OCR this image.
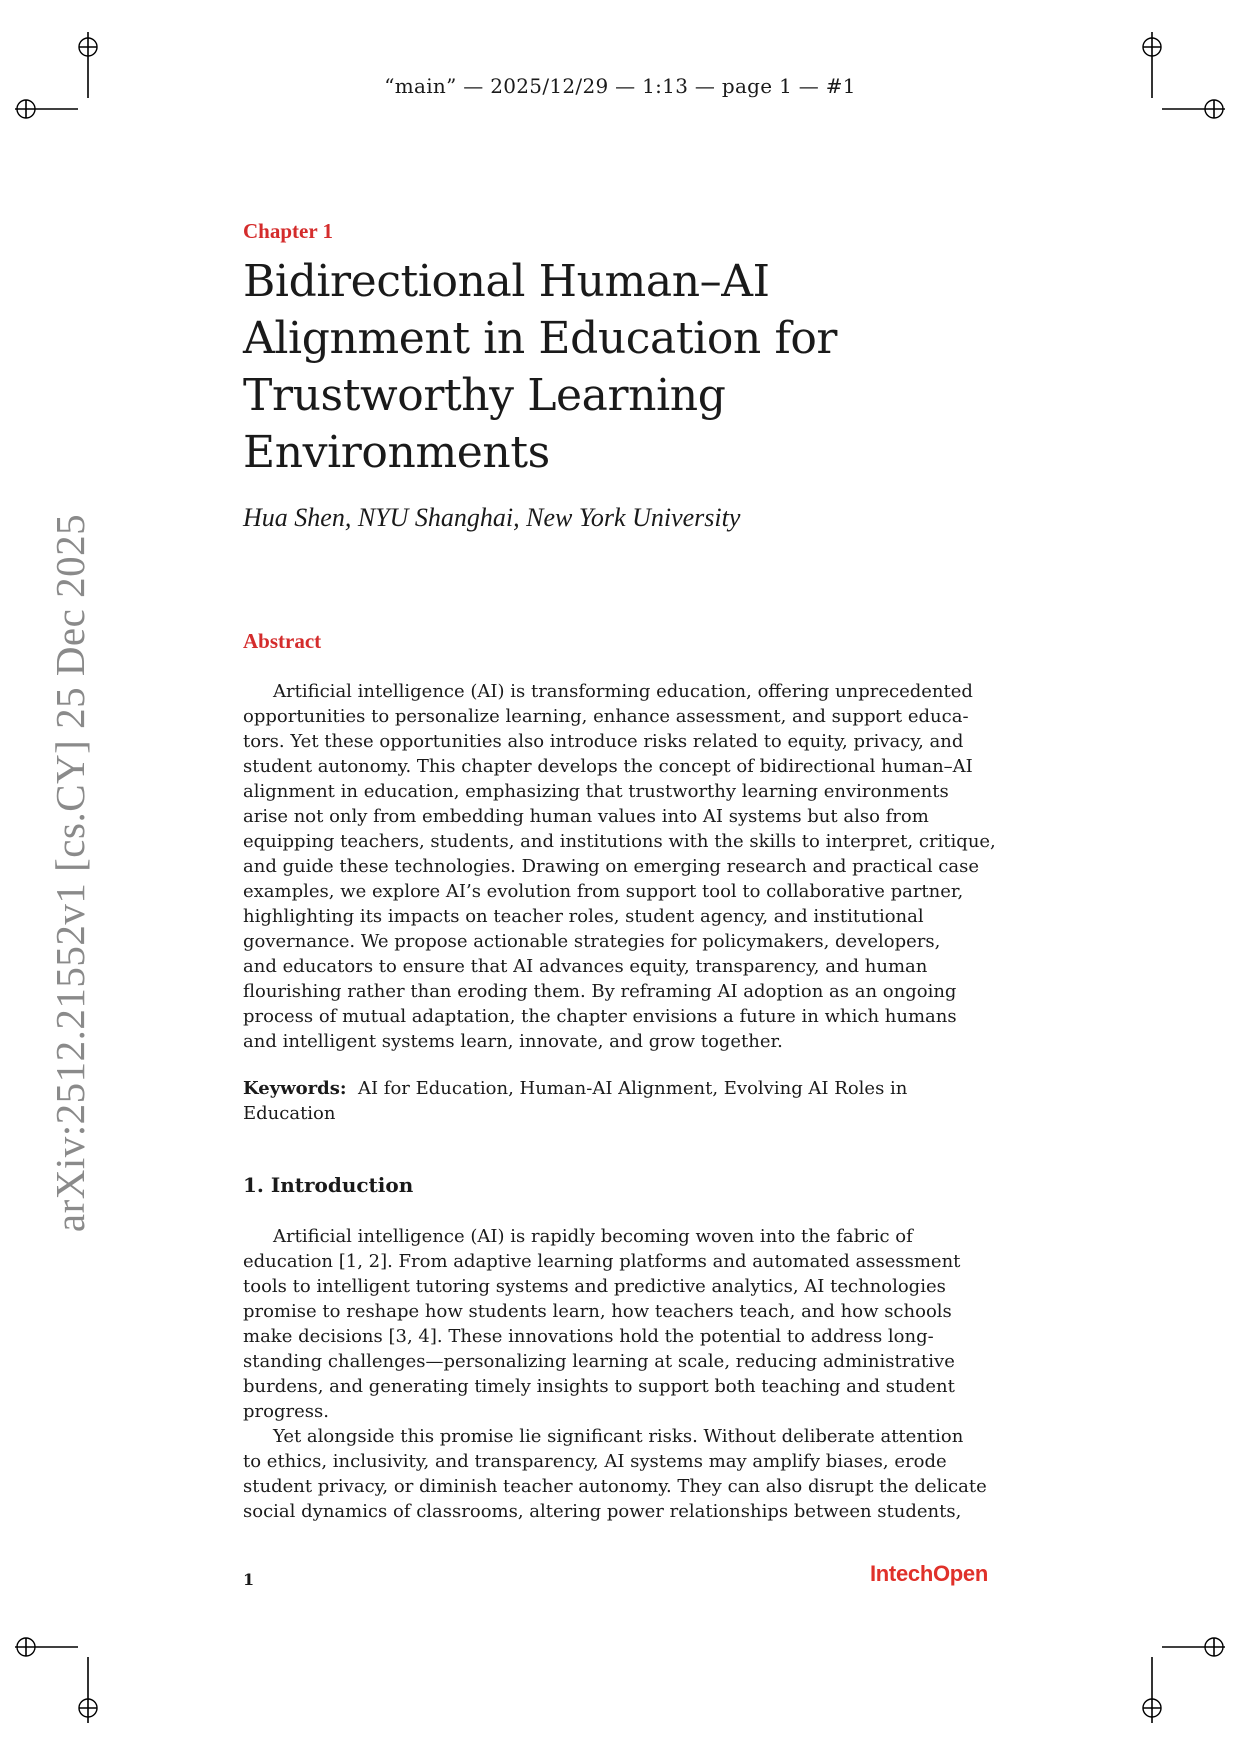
“main” — 2025/12/29 — 1:13 — page 1 — #1
arXiv:2512.21552v1 [cs.CY] 25 Dec 2025
Chapter 1
Bidirectional Human–AI
Alignment in Education for
Trustworthy Learning
Environments
Hua Shen, NYU Shanghai, New York University
Abstract
Artificial intelligence (AI) is transforming education, offering unprecedented
opportunities to personalize learning, enhance assessment, and support educa-
tors. Yet these opportunities also introduce risks related to equity, privacy, and
student autonomy. This chapter develops the concept of bidirectional human–AI
alignment in education, emphasizing that trustworthy learning environments
arise not only from embedding human values into AI systems but also from
equipping teachers, students, and institutions with the skills to interpret, critique,
and guide these technologies. Drawing on emerging research and practical case
examples, we explore AI’s evolution from support tool to collaborative partner,
highlighting its impacts on teacher roles, student agency, and institutional
governance. We propose actionable strategies for policymakers, developers,
and educators to ensure that AI advances equity, transparency, and human
flourishing rather than eroding them. By reframing AI adoption as an ongoing
process of mutual adaptation, the chapter envisions a future in which humans
and intelligent systems learn, innovate, and grow together.
Keywords: AI for Education, Human-AI Alignment, Evolving AI Roles in
Education
1. Introduction
Artificial intelligence (AI) is rapidly becoming woven into the fabric of
education [1, 2]. From adaptive learning platforms and automated assessment
tools to intelligent tutoring systems and predictive analytics, AI technologies
promise to reshape how students learn, how teachers teach, and how schools
make decisions [3, 4]. These innovations hold the potential to address long-
standing challenges—personalizing learning at scale, reducing administrative
burdens, and generating timely insights to support both teaching and student
progress.
Yet alongside this promise lie significant risks. Without deliberate attention
to ethics, inclusivity, and transparency, AI systems may amplify biases, erode
student privacy, or diminish teacher autonomy. They can also disrupt the delicate
social dynamics of classrooms, altering power relationships between students,
1	IntechOpen
